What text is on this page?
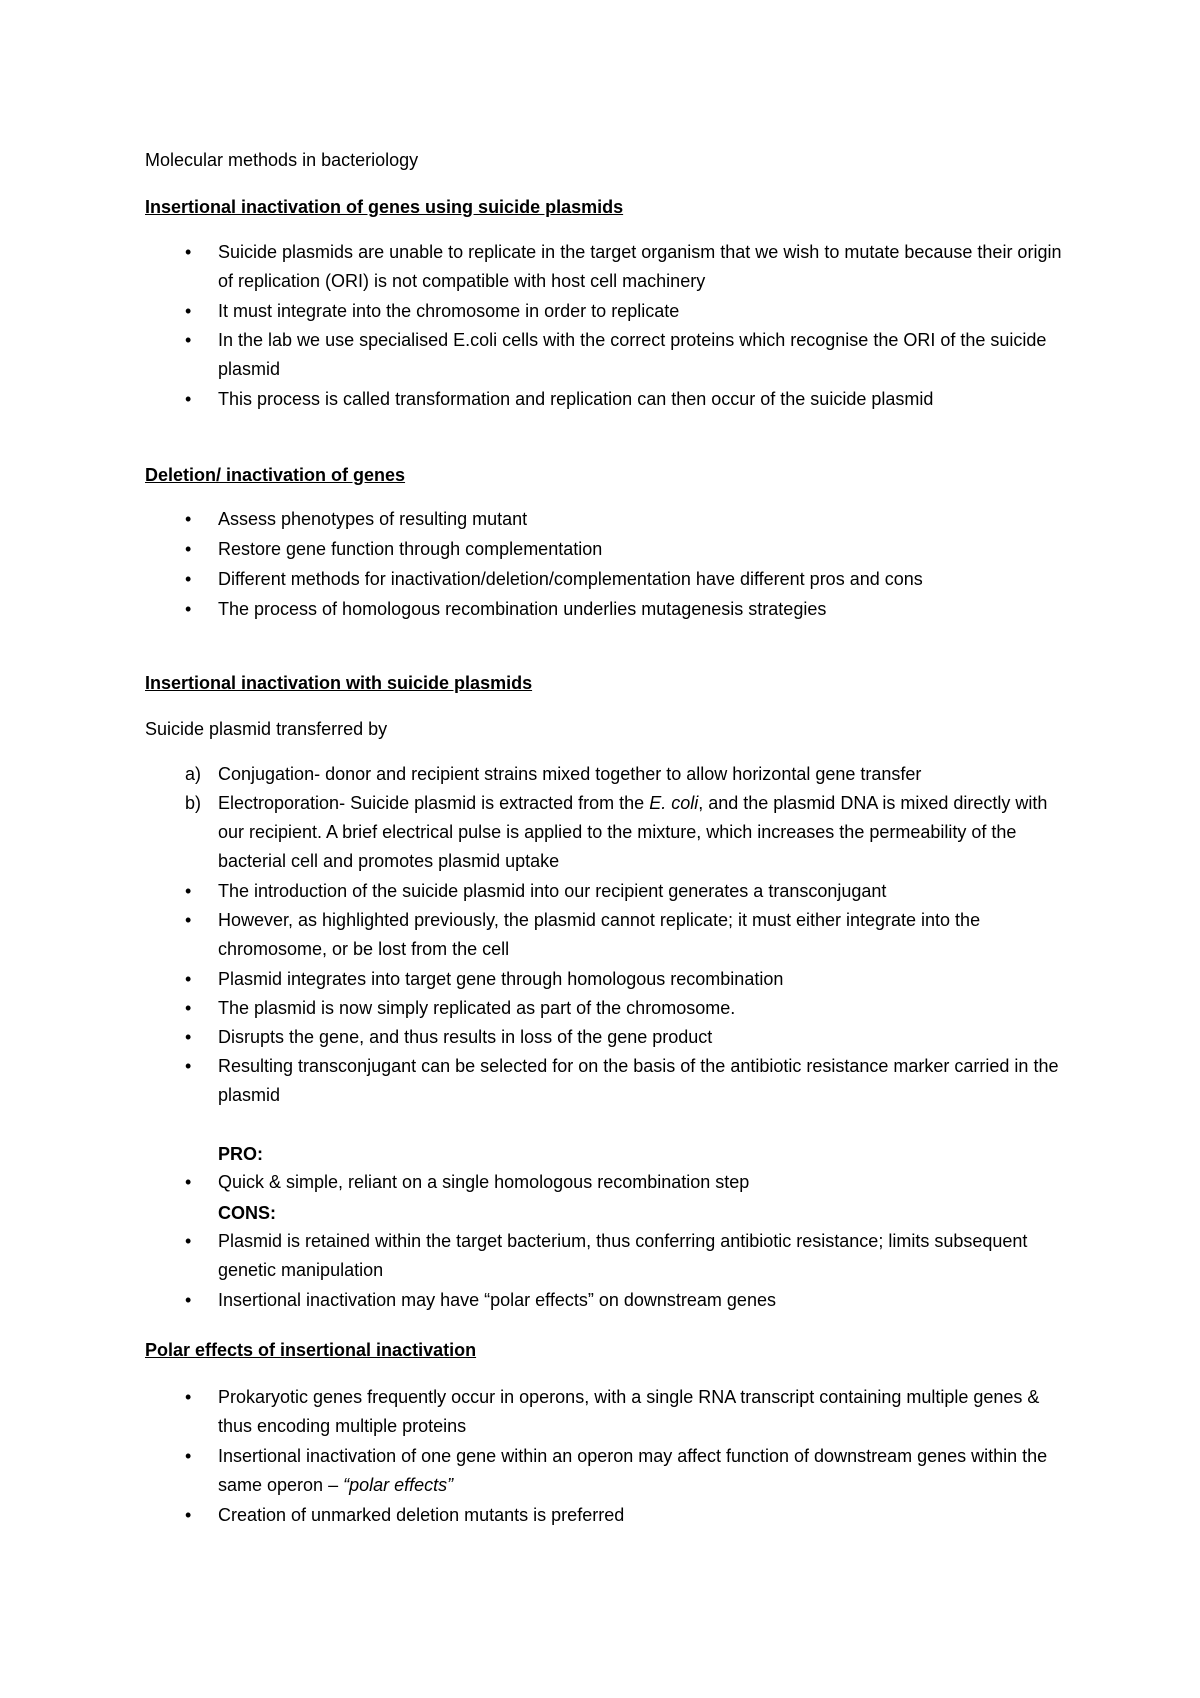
Molecular methods in bacteriology
Insertional inactivation of genes using suicide plasmids
•
Suicide plasmids are unable to replicate in the target organism that we wish to mutate because their origin of replication (ORI) is not compatible with host cell machinery
•
It must integrate into the chromosome in order to replicate
•
In the lab we use specialised E.coli cells with the correct proteins which recognise the ORI of the suicide plasmid
•
This process is called transformation and replication can then occur of the suicide plasmid
Deletion/ inactivation of genes
•
Assess phenotypes of resulting mutant
•
Restore gene function through complementation
•
Different methods for inactivation/deletion/complementation have different pros and cons
•
The process of homologous recombination underlies mutagenesis strategies
Insertional inactivation with suicide plasmids
Suicide plasmid transferred by
a) Conjugation- donor and recipient strains mixed together to allow horizontal gene transfer
b) Electroporation- Suicide plasmid is extracted from the E. coli, and the plasmid DNA is mixed directly with our recipient. A brief electrical pulse is applied to the mixture, which increases the permeability of the bacterial cell and promotes plasmid uptake
•
The introduction of the suicide plasmid into our recipient generates a transconjugant
•
However, as highlighted previously, the plasmid cannot replicate; it must either integrate into the chromosome, or be lost from the cell
•
Plasmid integrates into target gene through homologous recombination
•
The plasmid is now simply replicated as part of the chromosome.
•
Disrupts the gene, and thus results in loss of the gene product
•
Resulting transconjugant can be selected for on the basis of the antibiotic resistance marker carried in the plasmid
PRO:
•
Quick & simple, reliant on a single homologous recombination step
CONS:
•
Plasmid is retained within the target bacterium, thus conferring antibiotic resistance; limits subsequent genetic manipulation
•
Insertional inactivation may have “polar effects” on downstream genes
Polar effects of insertional inactivation
•
Prokaryotic genes frequently occur in operons, with a single RNA transcript containing multiple genes & thus encoding multiple proteins
•
Insertional inactivation of one gene within an operon may affect function of downstream genes within the same operon – “polar effects”
•
Creation of unmarked deletion mutants is preferred
